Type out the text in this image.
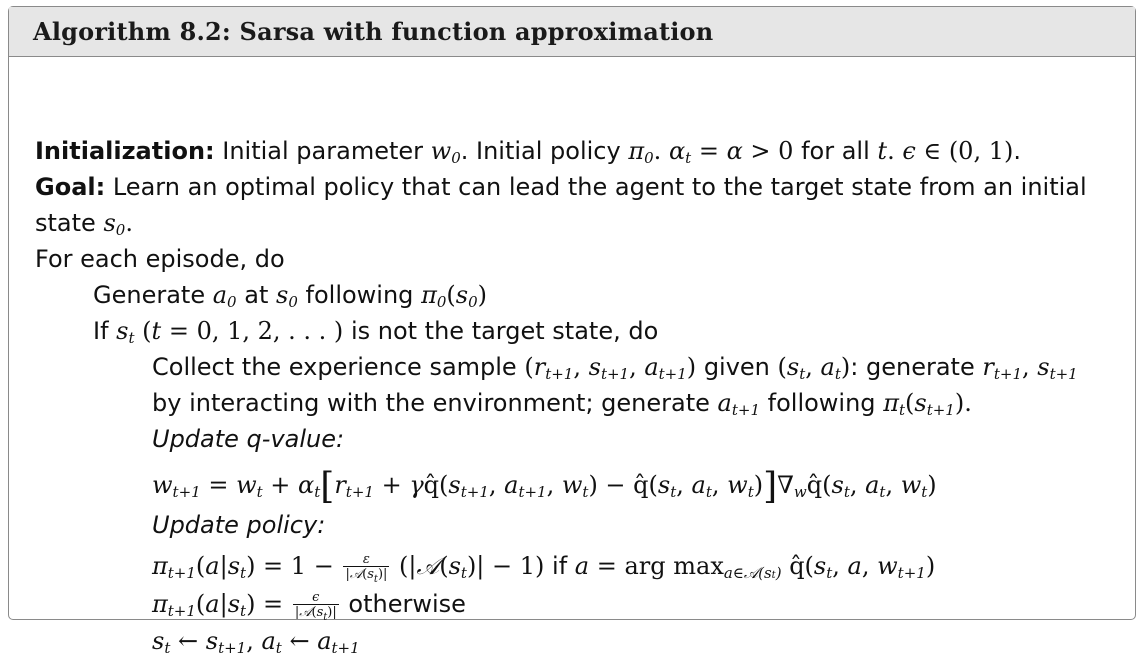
Algorithm 8.2: Sarsa with function approximation
Initialization: Initial parameter $w_0$. Initial policy $\pi_0$. $\alpha_t = \alpha > 0$ for all t. ϵ ∈ (0, 1).
Goal: Learn an optimal policy that can lead the agent to the target state from an initial
state $s_0$.
For each episode, do
Generate $a_0$ at $s_0$ following $\pi_0(s_0)$
If $s_t$ (t = 0, 1, 2, . . . ) is not the target state, do
Collect the experience sample ($r_{t+1}$, $s_{t+1}$, $a_{t+1}$) given ($s_t$, $a_t$): generate $r_{t+1}$, $s_{t+1}$
by interacting with the environment; generate $a_{t+1}$ following $\pi_t(s_{t+1})$.
Update q-value:
$w_{t+1} = w_t + \alpha_t[r_{t+1}$ + $\gamma q̂(s_{t+1}$, $a_{t+1}$, $w_t$) − $q̂(s_t$, $a_t$, $w_t)]\nabla_wq̂(s_t$, $a_t$, $w_t$)
Update policy:
$\pi_{t+1}(a|s_t) = 1 - \frac{\varepsilon}{|𝒜(s_t)|}$ $(|𝒜(s_t)| - 1)$ if a = arg $\max_{a\in 𝒜(st)}$ $q̂(s_t$, a, $w_{t+1}$)
$\pi_{t+1}(a|s_t) = \frac{\epsilon}{|𝒜(s_t)|}$ otherwise
$s_t$ ← $s_{t+1}$, $a_t$ ← $a_{t+1}$
